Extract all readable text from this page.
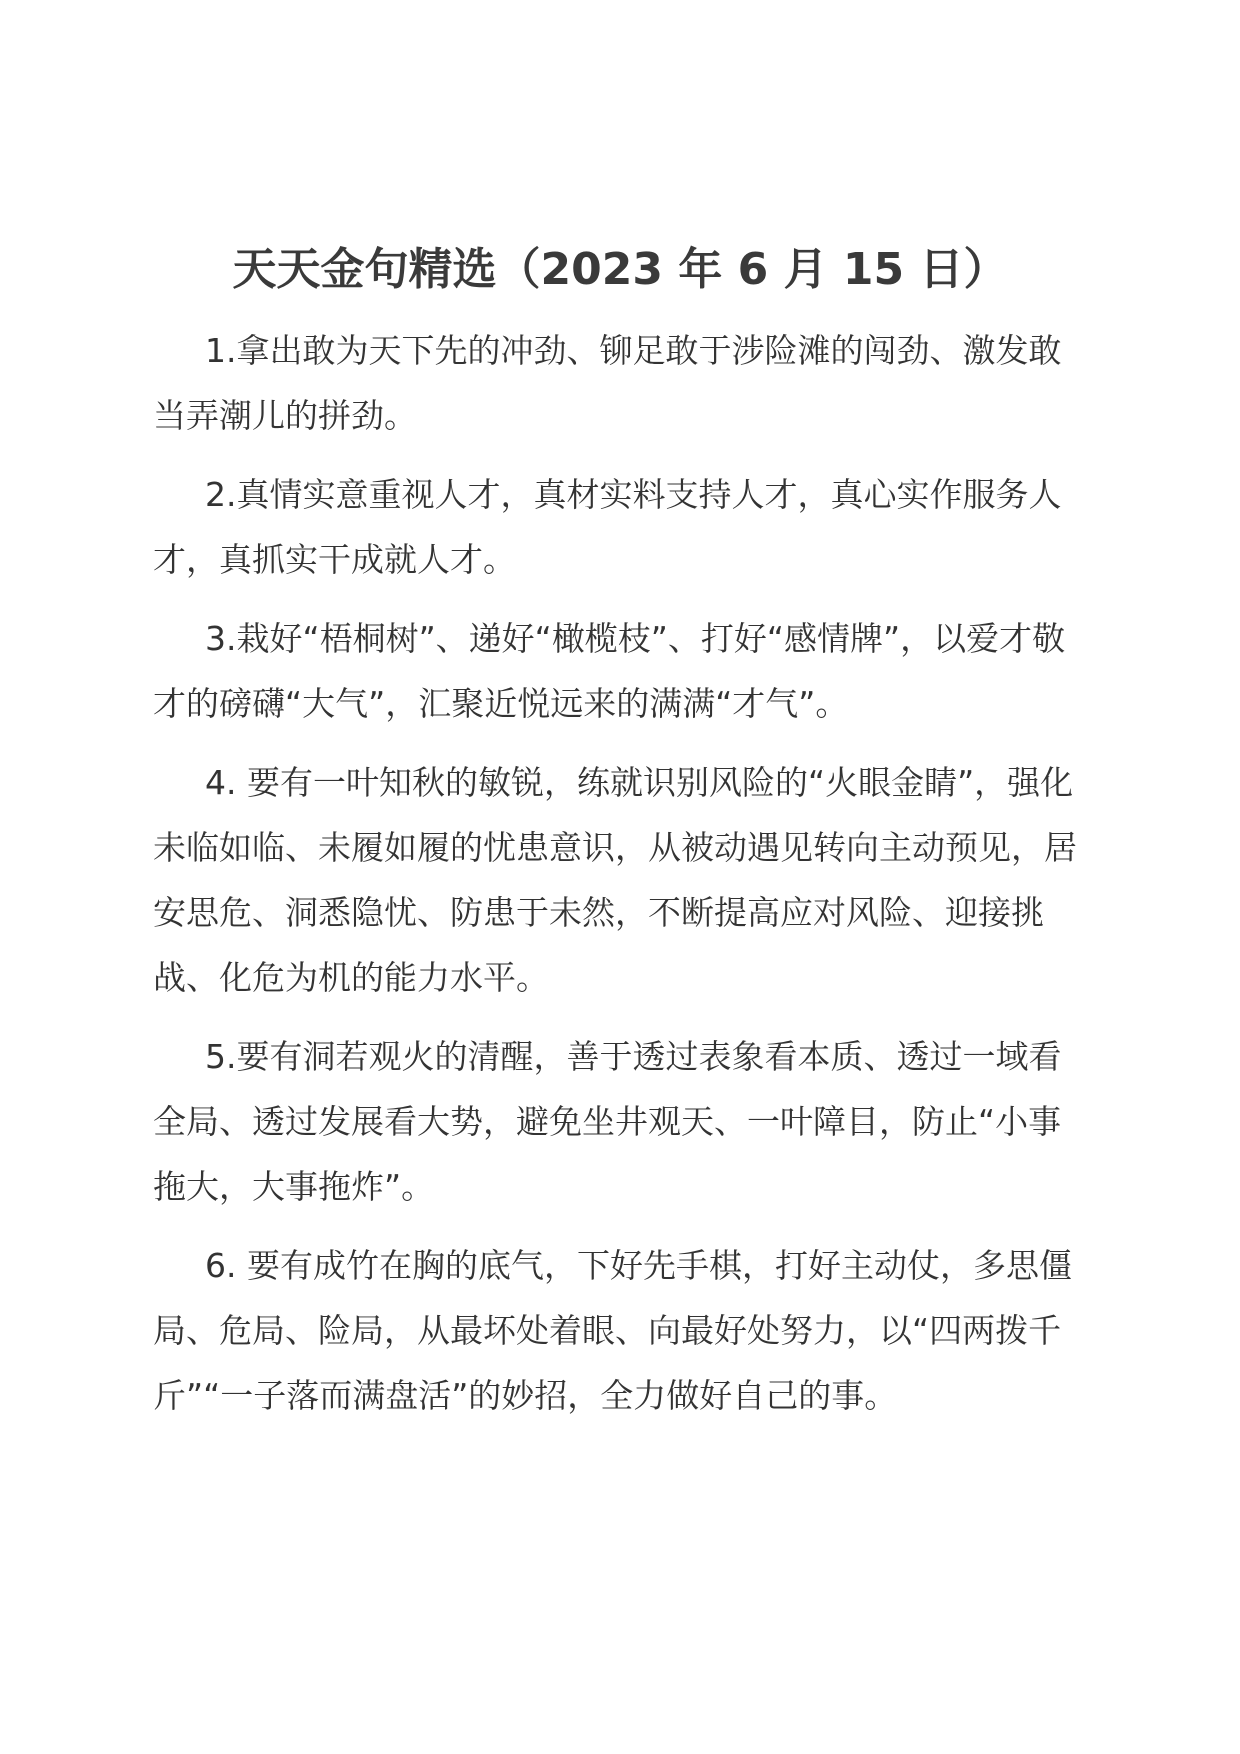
天天金句精选（2023 年 6 月 15 日）

1.拿出敢为天下先的冲劲、铆足敢于涉险滩的闯劲、激发敢当弄潮儿的拼劲。

2.真情实意重视人才，真材实料支持人才，真心实作服务人才，真抓实干成就人才。

3.栽好“梧桐树”、递好“橄榄枝”、打好“感情牌”，以爱才敬才的磅礴“大气”，汇聚近悦远来的满满“才气”。

4. 要有一叶知秋的敏锐，练就识别风险的“火眼金睛”，强化未临如临、未履如履的忧患意识，从被动遇见转向主动预见，居安思危、洞悉隐忧、防患于未然，不断提高应对风险、迎接挑战、化危为机的能力水平。

5.要有洞若观火的清醒，善于透过表象看本质、透过一域看全局、透过发展看大势，避免坐井观天、一叶障目，防止“小事拖大，大事拖炸”。

6. 要有成竹在胸的底气，下好先手棋，打好主动仗，多思僵局、危局、险局，从最坏处着眼、向最好处努力，以“四两拨千斤”“一子落而满盘活”的妙招，全力做好自己的事。
